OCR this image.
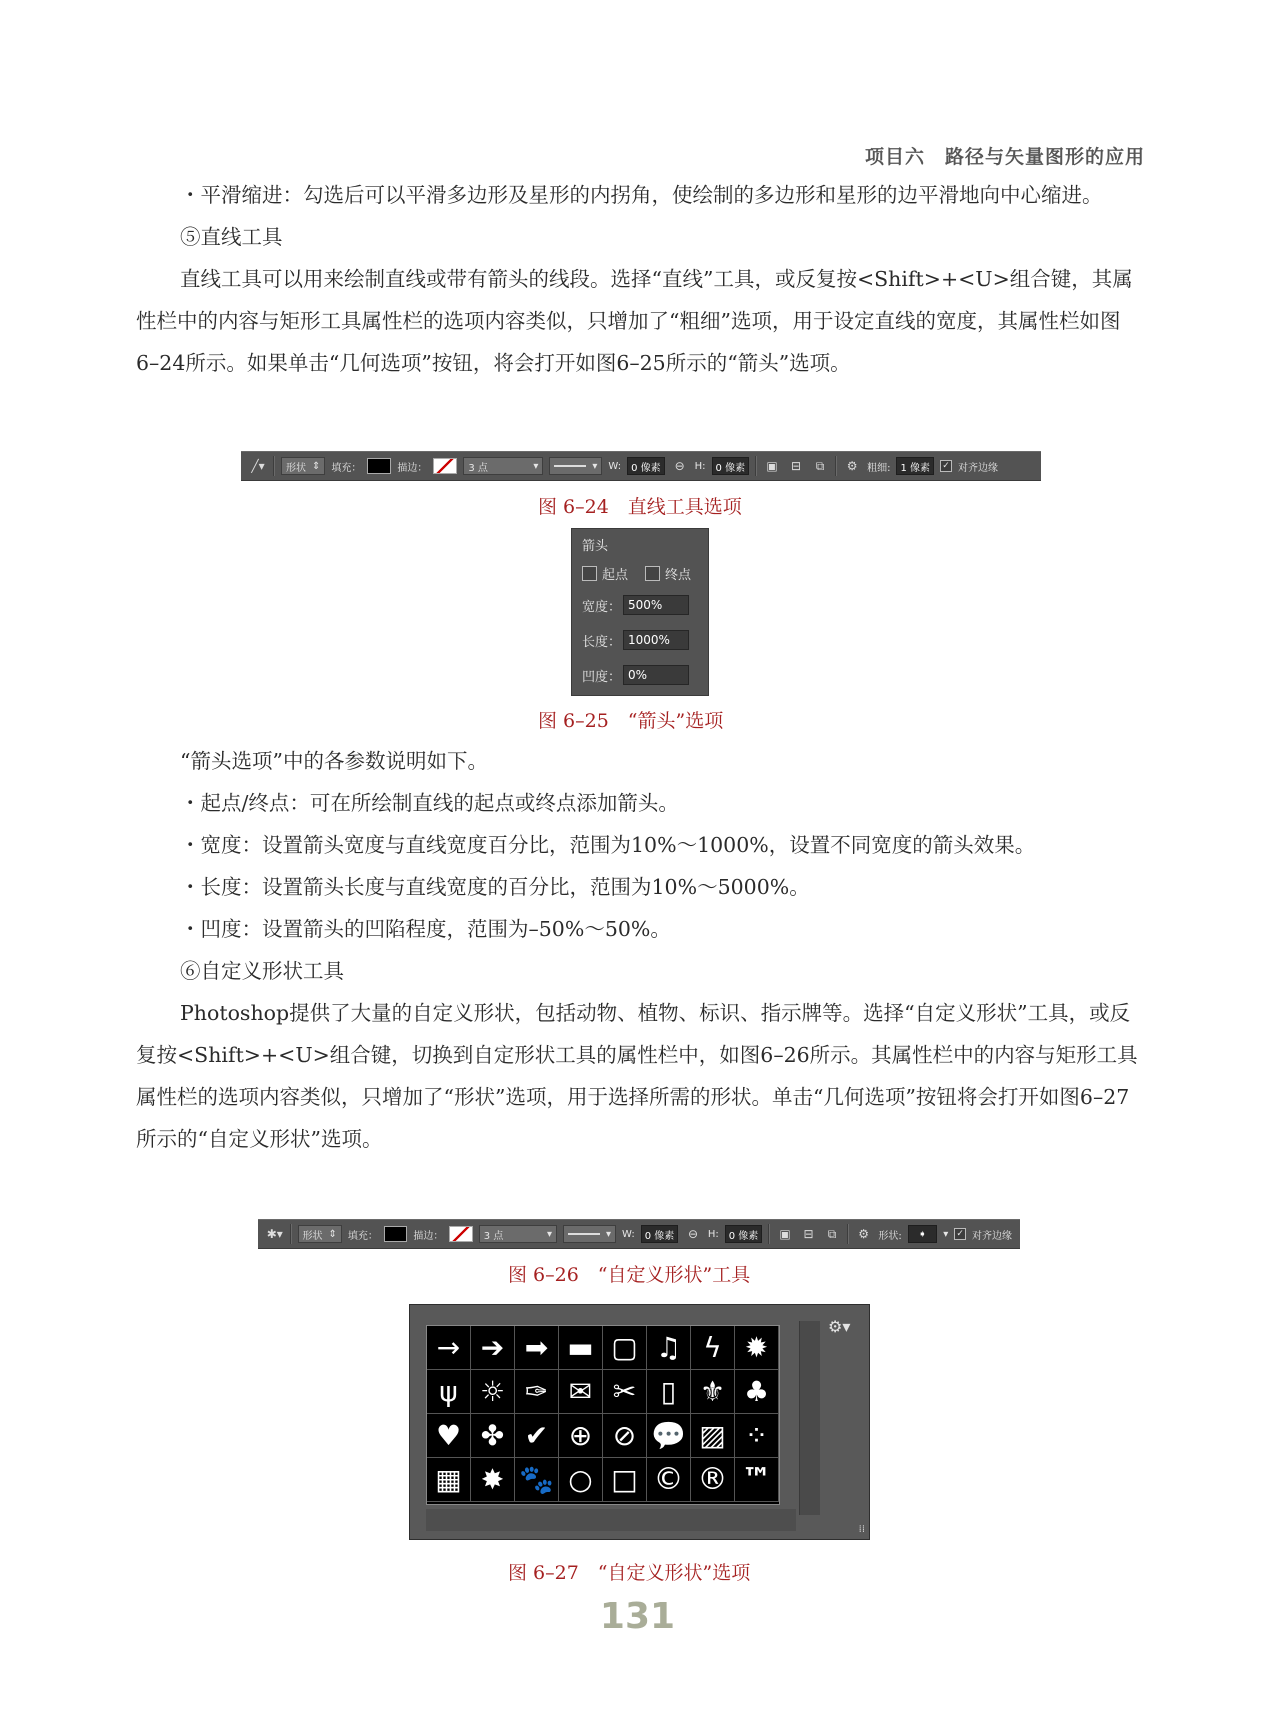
项目六　路径与矢量图形的应用

・平滑缩进：勾选后可以平滑多边形及星形的内拐角，使绘制的多边形和星形的边平滑地向中心缩进。

⑤直线工具

直线工具可以用来绘制直线或带有箭头的线段。选择“直线”工具，或反复按<Shift>+<U>组合键，其属性栏中的内容与矩形工具属性栏的选项内容类似，只增加了“粗细”选项，用于设定直线的宽度，其属性栏如图6–24所示。如果单击“几何选项”按钮，将会打开如图6–25所示的“箭头”选项。

╱▾ 形状 ⇕ 填充：	描边：	3 点	▾	▾ W:	0 像素	⊖ H:	0 像素	▣	⊟	⧉	⚙ 粗细:	1 像素	✓ 对齐边缘
图 6–24　直线工具选项
箭头
起点	终点
宽度： 500%
长度： 1000%
凹度： 0%
图 6–25　“箭头”选项

“箭头选项”中的各参数说明如下。

・起点/终点：可在所绘制直线的起点或终点添加箭头。

・宽度：设置箭头宽度与直线宽度百分比，范围为10%～1000%，设置不同宽度的箭头效果。

・长度：设置箭头长度与直线宽度的百分比，范围为10%～5000%。

・凹度：设置箭头的凹陷程度，范围为–50%～50%。

⑥自定义形状工具

Photoshop提供了大量的自定义形状，包括动物、植物、标识、指示牌等。选择“自定义形状”工具，或反复按<Shift>+<U>组合键，切换到自定形状工具的属性栏中，如图6–26所示。其属性栏中的内容与矩形工具属性栏的选项内容类似，只增加了“形状”选项，用于选择所需的形状。单击“几何选项”按钮将会打开如图6–27所示的“自定义形状”选项。

✱▾ 形状 ⇕ 填充：	描边：	3 点	▾	▾ W:	0 像素	⊖ H:	0 像素	▣	⊟	⧉	⚙ 形状:	➧	▾ ✓ 对齐边缘
图 6–26　“自定义形状”工具
→ ➔ ➡ ▬ ▢ ♫ ϟ ✹
ψ ☼ ✑ ✉ ✂ ▯ ⚜ ♣
♥ ✤ ✔ ⊕ ⊘ 💬 ▨ ⁘
▦ ✸ 🐾 ○ □ © ® ™
⚙▾
⁞⁞
图 6–27　“自定义形状”选项
131
